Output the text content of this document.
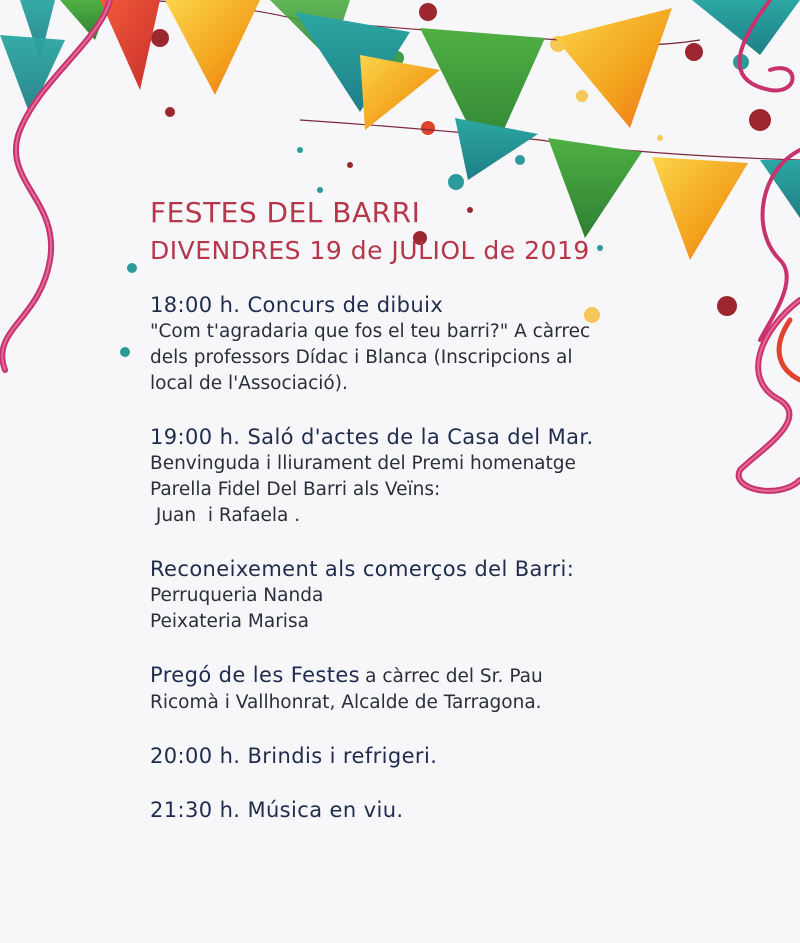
FESTES DEL BARRI
DIVENDRES 19 de JULIOL de 2019
18:00 h. Concurs de dibuix
"Com t'agradaria que fos el teu barri?" A càrrec
dels professors Dídac i Blanca (Inscripcions al
local de l'Associació).
19:00 h. Saló d'actes de la Casa del Mar.
Benvinguda i lliurament del Premi homenatge
Parella Fidel Del Barri als Veïns:
Juan  i Rafaela .
Reconeixement als comerços del Barri:
Perruqueria Nanda
Peixateria Marisa
Pregó de les Festes a càrrec del Sr. Pau
Ricomà i Vallhonrat, Alcalde de Tarragona.
20:00 h. Brindis i refrigeri.
21:30 h. Música en viu.
